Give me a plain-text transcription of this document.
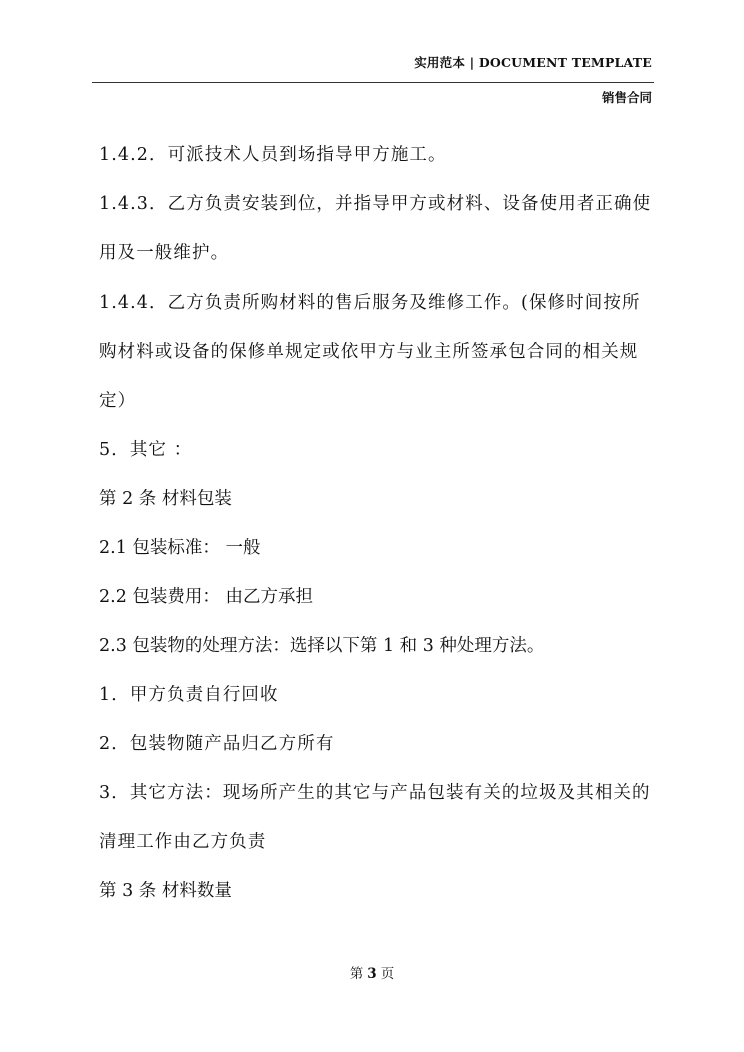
实用范本 | DOCUMENT TEMPLATE
销售合同
1.4.2．可派技术人员到场指导甲方施工。
1.4.3．乙方负责安装到位，并指导甲方或材料、设备使用者正确使
用及一般维护。
1.4.4．乙方负责所购材料的售后服务及维修工作。(保修时间按所
购材料或设备的保修单规定或依甲方与业主所签承包合同的相关规
定）
5．其它 ：
第 2 条 材料包装
2.1 包装标准： 一般
2.2 包装费用： 由乙方承担
2.3 包装物的处理方法：选择以下第 1 和 3 种处理方法。
1．甲方负责自行回收
2．包装物随产品归乙方所有
3．其它方法：现场所产生的其它与产品包装有关的垃圾及其相关的
清理工作由乙方负责
第 3 条 材料数量
第 3 页
